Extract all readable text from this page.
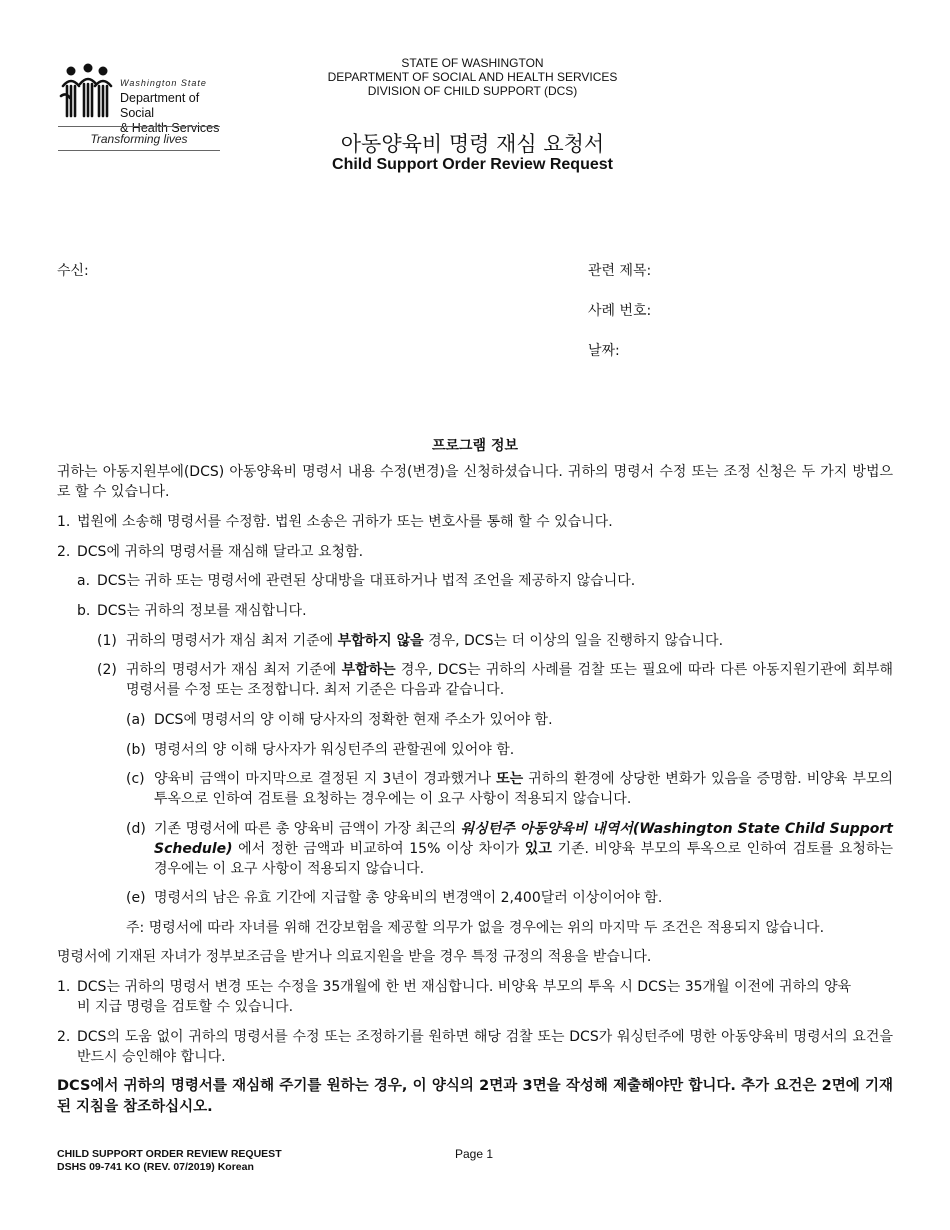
Washington State
Department of Social
& Health Services
Transforming lives
STATE OF WASHINGTON
DEPARTMENT OF SOCIAL AND HEALTH SERVICES
DIVISION OF CHILD SUPPORT (DCS)
아동양육비 명령 재심 요청서
Child Support Order Review Request
수신:	관련 제목:
사례 번호:
날짜:
프로그램 정보
귀하는 아동지원부에(DCS) 아동양육비 명령서 내용 수정(변경)을 신청하셨습니다. 귀하의 명령서 수정 또는 조정 신청은 두 가지 방법으로 할 수 있습니다.
1. 법원에 소송해 명령서를 수정함. 법원 소송은 귀하가 또는 변호사를 통해 할 수 있습니다.
2. DCS에 귀하의 명령서를 재심해 달라고 요청함.
a. DCS는 귀하 또는 명령서에 관련된 상대방을 대표하거나 법적 조언을 제공하지 않습니다.
b. DCS는 귀하의 정보를 재심합니다.
(1) 귀하의 명령서가 재심 최저 기준에 부합하지 않을 경우, DCS는 더 이상의 일을 진행하지 않습니다.
(2) 귀하의 명령서가 재심 최저 기준에 부합하는 경우, DCS는 귀하의 사례를 검찰 또는 필요에 따라 다른 아동지원기관에 회부해 명령서를 수정 또는 조정합니다. 최저 기준은 다음과 같습니다.
(a) DCS에 명령서의 양 이해 당사자의 정확한 현재 주소가 있어야 함.
(b) 명령서의 양 이해 당사자가 워싱턴주의 관할권에 있어야 함.
(c) 양육비 금액이 마지막으로 결정된 지 3년이 경과했거나 또는 귀하의 환경에 상당한 변화가 있음을 증명함. 비양육 부모의 투옥으로 인하여 검토를 요청하는 경우에는 이 요구 사항이 적용되지 않습니다.
(d) 기존 명령서에 따른 총 양육비 금액이 가장 최근의 워싱턴주 아동양육비 내역서(Washington State Child Support Schedule) 에서 정한 금액과 비교하여 15% 이상 차이가 있고 기존. 비양육 부모의 투옥으로 인하여 검토를 요청하는 경우에는 이 요구 사항이 적용되지 않습니다.
(e) 명령서의 남은 유효 기간에 지급할 총 양육비의 변경액이 2,400달러 이상이어야 함.
주: 명령서에 따라 자녀를 위해 건강보험을 제공할 의무가 없을 경우에는 위의 마지막 두 조건은 적용되지 않습니다.
명령서에 기재된 자녀가 정부보조금을 받거나 의료지원을 받을 경우 특정 규정의 적용을 받습니다.
1. DCS는 귀하의 명령서 변경 또는 수정을 35개월에 한 번 재심합니다. 비양육 부모의 투옥 시 DCS는 35개월 이전에 귀하의 양육비 지급 명령을 검토할 수 있습니다.
2. DCS의 도움 없이 귀하의 명령서를 수정 또는 조정하기를 원하면 해당 검찰 또는 DCS가 워싱턴주에 명한 아동양육비 명령서의 요건을 반드시 승인해야 합니다.
DCS에서 귀하의 명령서를 재심해 주기를 원하는 경우, 이 양식의 2면과 3면을 작성해 제출해야만 합니다. 추가 요건은 2면에 기재된 지침을 참조하십시오.
CHILD SUPPORT ORDER REVIEW REQUEST
DSHS 09-741 KO (REV. 07/2019) Korean
Page 1
